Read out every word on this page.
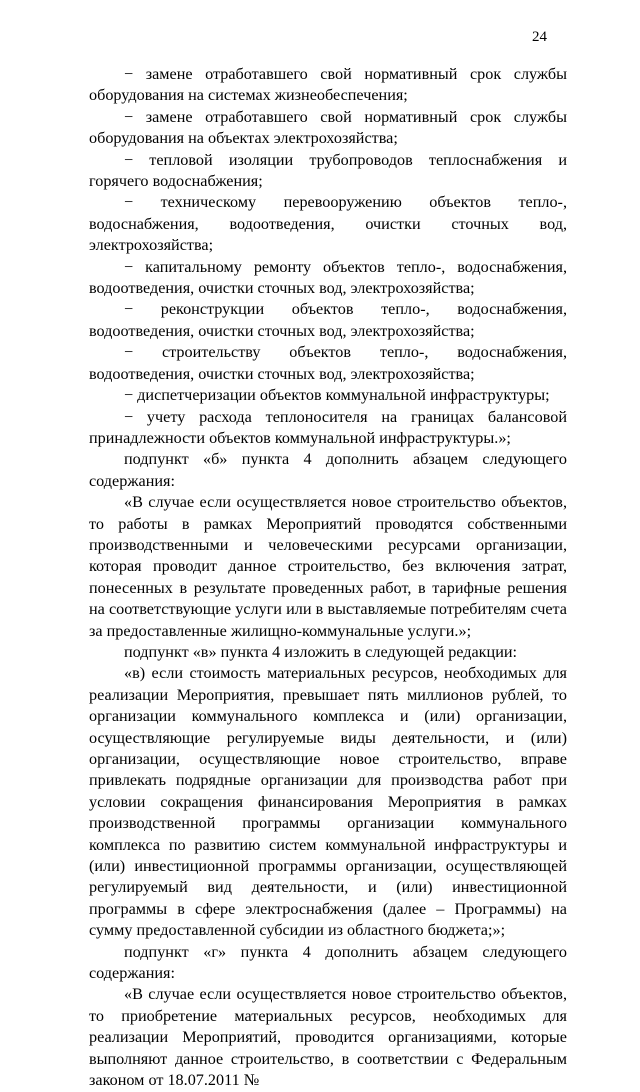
24

− замене отработавшего свой нормативный срок службы оборудования на системах жизнеобеспечения;

− замене отработавшего свой нормативный срок службы оборудования на объектах электрохозяйства;

− тепловой изоляции трубопроводов теплоснабжения и горячего водоснабжения;

− техническому перевооружению объектов тепло-, водоснабжения, водоотведения, очистки сточных вод, электрохозяйства;

− капитальному ремонту объектов тепло-, водоснабжения, водоотведения, очистки сточных вод, электрохозяйства;

− реконструкции объектов тепло-, водоснабжения, водоотведения, очистки сточных вод, электрохозяйства;

− строительству объектов тепло-, водоснабжения, водоотведения, очистки сточных вод, электрохозяйства;

− диспетчеризации объектов коммунальной инфраструктуры;

− учету расхода теплоносителя на границах балансовой принадлежности объектов коммунальной инфраструктуры.»;

подпункт «б» пункта 4 дополнить абзацем следующего содержания:

«В случае если осуществляется новое строительство объектов, то работы в рамках Мероприятий проводятся собственными производственными и человеческими ресурсами организации, которая проводит данное строительство, без включения затрат, понесенных в результате проведенных работ, в тарифные решения на соответствующие услуги или в выставляемые потребителям счета за предоставленные жилищно-коммунальные услуги.»;

подпункт «в» пункта 4 изложить в следующей редакции:

«в) если стоимость материальных ресурсов, необходимых для реализации Мероприятия, превышает пять миллионов рублей, то организации коммунального комплекса и (или) организации, осуществляющие регулируемые виды деятельности, и (или) организации, осуществляющие новое строительство, вправе привлекать подрядные организации для производства работ при условии сокращения финансирования Мероприятия в рамках производственной программы организации коммунального комплекса по развитию систем коммунальной инфраструктуры и (или) инвестиционной программы организации, осуществляющей регулируемый вид деятельности, и (или) инвестиционной программы в сфере электроснабжения (далее – Программы) на сумму предоставленной субсидии из областного бюджета;»;

подпункт «г» пункта 4 дополнить абзацем следующего содержания:

«В случае если осуществляется новое строительство объектов, то приобретение материальных ресурсов, необходимых для реализации Мероприятий, проводится организациями, которые выполняют данное строительство, в соответствии с Федеральным законом от 18.07.2011 №
